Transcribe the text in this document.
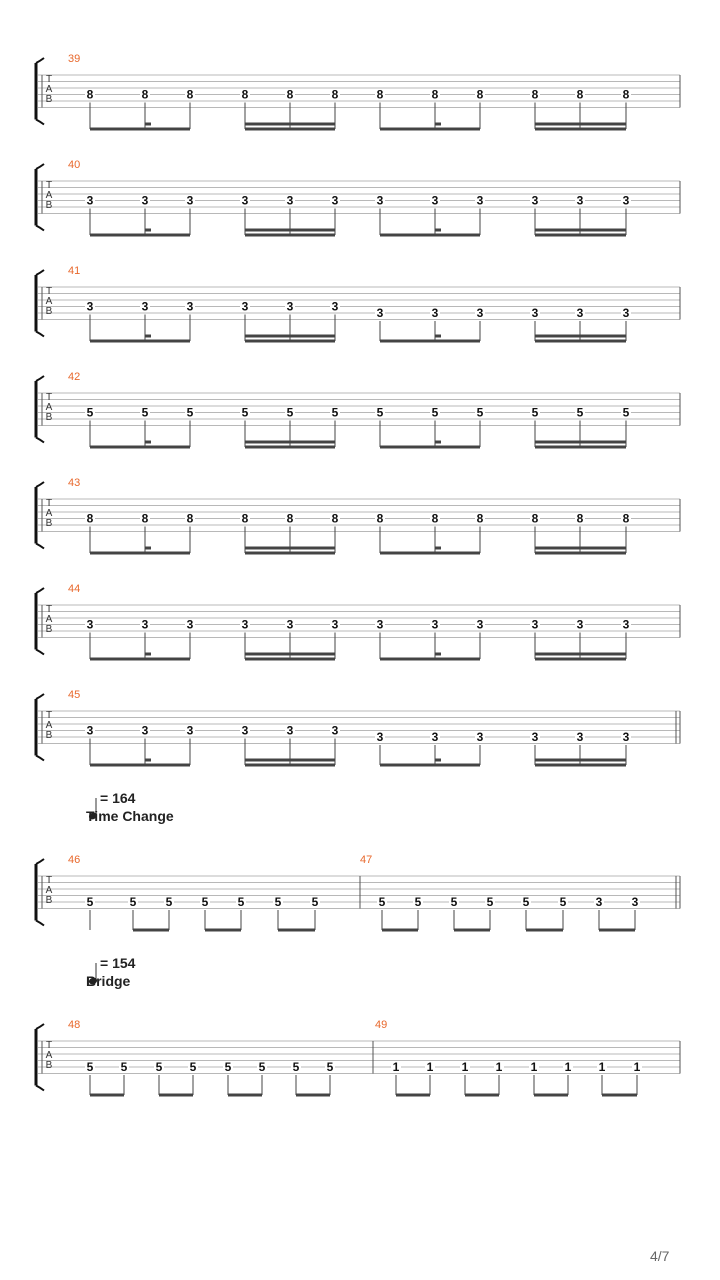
T
A
B
39
8	8	8	8	8	8	8	8	8	8	8	8
T
A
B
40
3	3	3	3	3	3	3	3	3	3	3	3
T
A
B
41
3	3	3	3	3	3	3	3	3	3	3	3
T
A
B
42
5	5	5	5	5	5	5	5	5	5	5	5
T
A
B
43
8	8	8	8	8	8	8	8	8	8	8	8
T
A
B
44
3	3	3	3	3	3	3	3	3	3	3	3
T
A
B
45
3	3	3	3	3	3	3	3	3	3	3	3
T
A
B
= 164
Time Change
46
5	5 5 5 5	5	5
47
5 5 5 5 5	5 3 3
T
A
B
= 154
Bridge
48
5 5 5 5 5 5 5 5
49
1 1 1 1 1 1 1 1
4/7
